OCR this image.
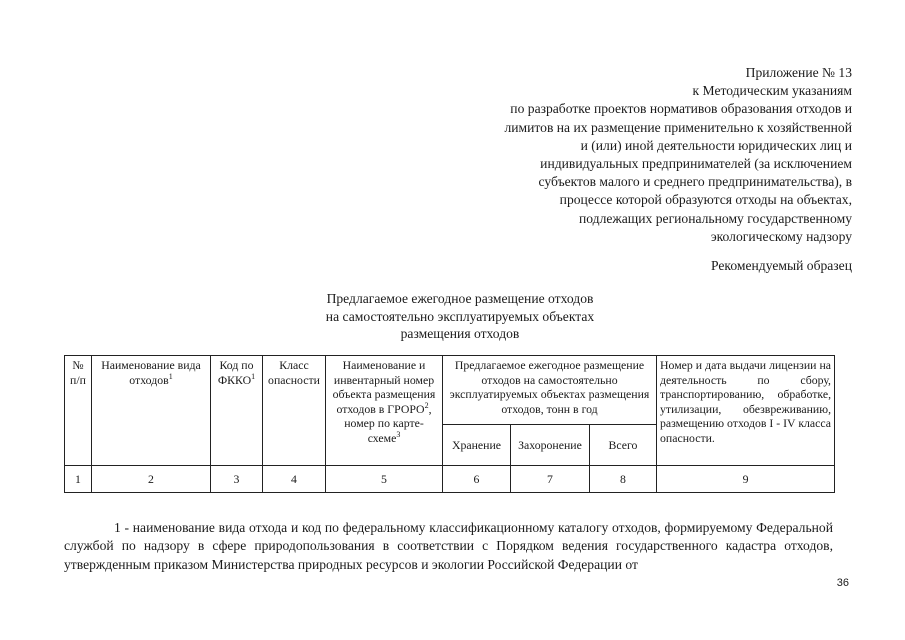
Приложение № 13
к Методическим указаниям
по разработке проектов нормативов образования отходов и
лимитов на их размещение применительно к хозяйственной
и (или) иной деятельности юридических лиц и
индивидуальных предпринимателей (за исключением
субъектов малого и среднего предпринимательства), в
процессе которой образуются отходы на объектах,
подлежащих региональному государственному
экологическому надзору
Рекомендуемый образец
Предлагаемое ежегодное размещение отходов
на самостоятельно эксплуатируемых объектах
размещения отходов
№ п/п	Наименование вида отходов$^1$	Код по ФККО$^1$	Класс опасности	Наименование и инвентарный номер объекта размещения отходов в ГРОРО$^2$, номер по карте-схеме$^3$	Предлагаемое ежегодное размещение отходов на самостоятельно эксплуатируемых объектах размещения отходов, тонн в год			Номер и дата выдачи лицензии на деятельность по сбору, транспортированию, обработке, утилизации, обезвреживанию, размещению отходов I - IV класса опасности.
					Хранение	Захоронение	Всего	
1	2	3	4	5	6	7	8	9
1 - наименование вида отхода и код по федеральному классификационному каталогу отходов, формируемому Федеральной службой по надзору в сфере природопользования в соответствии с Порядком ведения государственного кадастра отходов, утвержденным приказом Министерства природных ресурсов и экологии Российской Федерации от
36
